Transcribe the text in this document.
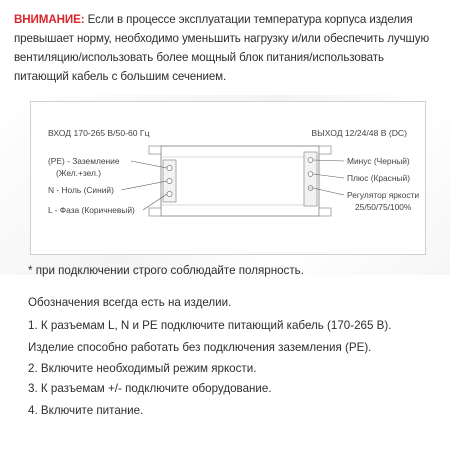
ВНИМАНИЕ: Если в процессе эксплуатации температура корпуса изделия превышает норму, необходимо уменьшить нагрузку и/или обеспечить лучшую вентиляцию/использовать более мощный блок питания/использовать питающий кабель с большим сечением.
ВХОД 170-265 В/50-60 Гц	ВЫХОД 12/24/48 В (DC)
(PE) - Заземление
(Жел.+зел.)
N - Ноль (Синий)
L - Фаза (Коричневый)
Минус (Черный)
Плюс (Красный)
Регулятор яркости
25/50/75/100%
* при подключении строго соблюдайте полярность.
Обозначения всегда есть на изделии.
1. К разъемам L, N и PE подключите питающий кабель (170-265 В).
Изделие способно работать без подключения заземления (PE).
2. Включите необходимый режим яркости.
3. К разъемам +/- подключите оборудование.
4. Включите питание.
